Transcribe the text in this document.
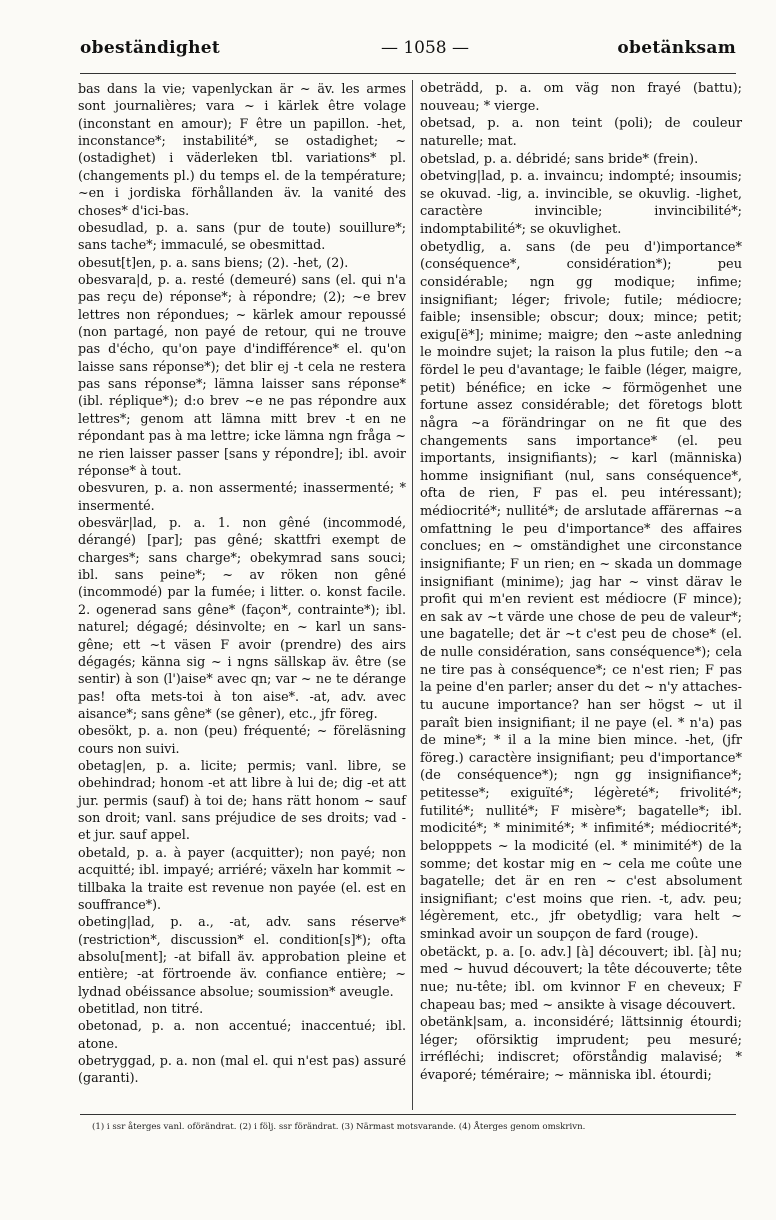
obeständighet	— 1058 —	obetänksam

bas dans la vie; vapenlyckan är ~ äv. les armes sont journalières; vara ~ i kärlek être volage (inconstant en amour); F être un papillon. -het, inconstance*; instabilité*, se ostadighet; ~ (ostadighet) i väderleken tbl. variations* pl. (changements pl.) du temps el. de la température; ~en i jordiska förhållanden äv. la vanité des choses* d'ici-bas.

obesudlad, p. a. sans (pur de toute) souillure*; sans tache*; immaculé, se obesmittad.

obesut[t]en, p. a. sans biens; (2). -het, (2).

obesvara|d, p. a. resté (demeuré) sans (el. qui n'a pas reçu de) réponse*; à répondre; (2); ~e brev lettres non répondues; ~ kärlek amour repoussé (non partagé, non payé de retour, qui ne trouve pas d'écho, qu'on paye d'indifférence* el. qu'on laisse sans réponse*); det blir ej -t cela ne restera pas sans réponse*; lämna laisser sans réponse* (ibl. réplique*); d:o brev ~e ne pas répondre aux lettres*; genom att lämna mitt brev -t en ne répondant pas à ma lettre; icke lämna ngn fråga ~ ne rien laisser passer [sans y répondre]; ibl. avoir réponse* à tout.

obesvuren, p. a. non assermenté; inassermenté; * insermenté.

obesvär|lad, p. a. 1. non gêné (incommodé, dérangé) [par]; pas gêné; skattfri exempt de charges*; sans charge*; obekymrad sans souci; ibl. sans peine*; ~ av röken non gêné (incommodé) par la fumée; i litter. o. konst facile. 2. ogenerad sans gêne* (façon*, contrainte*); ibl. naturel; dégagé; désinvolte; en ~ karl un sans-gêne; ett ~t väsen F avoir (prendre) des airs dégagés; känna sig ~ i ngns sällskap äv. être (se sentir) à son (l')aise* avec qn; var ~ ne te dérange pas! ofta mets-toi à ton aise*. -at, adv. avec aisance*; sans gêne* (se gêner), etc., jfr föreg.

obesökt, p. a. non (peu) fréquenté; ~ föreläsning cours non suivi.

obetag|en, p. a. licite; permis; vanl. libre, se obehindrad; honom -et att libre à lui de; dig -et att jur. permis (sauf) à toi de; hans rätt honom ~ sauf son droit; vanl. sans préjudice de ses droits; vad -et jur. sauf appel.

obetald, p. a. à payer (acquitter); non payé; non acquitté; ibl. impayé; arriéré; växeln har kommit ~ tillbaka la traite est revenue non payée (el. est en souffrance*).

obeting|lad, p. a., -at, adv. sans réserve* (restriction*, discussion* el. condition[s]*); ofta absolu[ment]; -at bifall äv. approbation pleine et entière; -at förtroende äv. confiance entière; ~ lydnad obéissance absolue; soumission* aveugle.

obetitlad, non titré.

obetonad, p. a. non accentué; inaccentué; ibl. atone.

obetryggad, p. a. non (mal el. qui n'est pas) assuré (garanti).

obeträdd, p. a. om väg non frayé (battu); nouveau; * vierge.

obetsad, p. a. non teint (poli); de couleur naturelle; mat.

obetslad, p. a. débridé; sans bride* (frein).

obetving|lad, p. a. invaincu; indompté; insoumis; se okuvad. -lig, a. invincible, se okuvlig. -lighet, caractère invincible; invincibilité*; indomptabilité*; se okuvlighet.

obetydlig, a. sans (de peu d')importance* (conséquence*, considération*); peu considérable; ngn gg modique; infime; insignifiant; léger; frivole; futile; médiocre; faible; insensible; obscur; doux; mince; petit; exigu[ë*]; minime; maigre; den ~aste anledning le moindre sujet; la raison la plus futile; den ~a fördel le peu d'avantage; le faible (léger, maigre, petit) bénéfice; en icke ~ förmögenhet une fortune assez considérable; det företogs blott några ~a förändringar on ne fit que des changements sans importance* (el. peu importants, insignifiants); ~ karl (människa) homme insignifiant (nul, sans conséquence*, ofta de rien, F pas el. peu intéressant); médiocrité*; nullité*; de arslutade affärernas ~a omfattning le peu d'importance* des affaires conclues; en ~ omständighet une circonstance insignifiante; F un rien; en ~ skada un dommage insignifiant (minime); jag har ~ vinst därav le profit qui m'en revient est médiocre (F mince); en sak av ~t värde une chose de peu de valeur*; une bagatelle; det är ~t c'est peu de chose* (el. de nulle considération, sans conséquence*); cela ne tire pas à conséquence*; ce n'est rien; F pas la peine d'en parler; anser du det ~ n'y attaches-tu aucune importance? han ser högst ~ ut il paraît bien insignifiant; il ne paye (el. * n'a) pas de mine*; * il a la mine bien mince. -het, (jfr föreg.) caractère insignifiant; peu d'importance* (de conséquence*); ngn gg insignifiance*; petitesse*; exiguïté*; légèreté*; frivolité*; futilité*; nullité*; F misère*; bagatelle*; ibl. modicité*; * minimité*; * infimité*; médiocrité*; belopppets ~ la modicité (el. * minimité*) de la somme; det kostar mig en ~ cela me coûte une bagatelle; det är en ren ~ c'est absolument insignifiant; c'est moins que rien. -t, adv. peu; légèrement, etc., jfr obetydlig; vara helt ~ sminkad avoir un soupçon de fard (rouge).

obetäckt, p. a. [o. adv.] [à] découvert; ibl. [à] nu; med ~ huvud découvert; la tête découverte; tête nue; nu-tête; ibl. om kvinnor F en cheveux; F chapeau bas; med ~ ansikte à visage découvert.

obetänk|sam, a. inconsidéré; lättsinnig étourdi; léger; oförsiktig imprudent; peu mesuré; irréfléchi; indiscret; oförståndig malavisé; * évaporé; téméraire; ~ människa ibl. étourdi;

(1) i ssr återges vanl. oförändrat. (2) i följ. ssr förändrat. (3) Närmast motsvarande. (4) Återges genom omskrivn.
